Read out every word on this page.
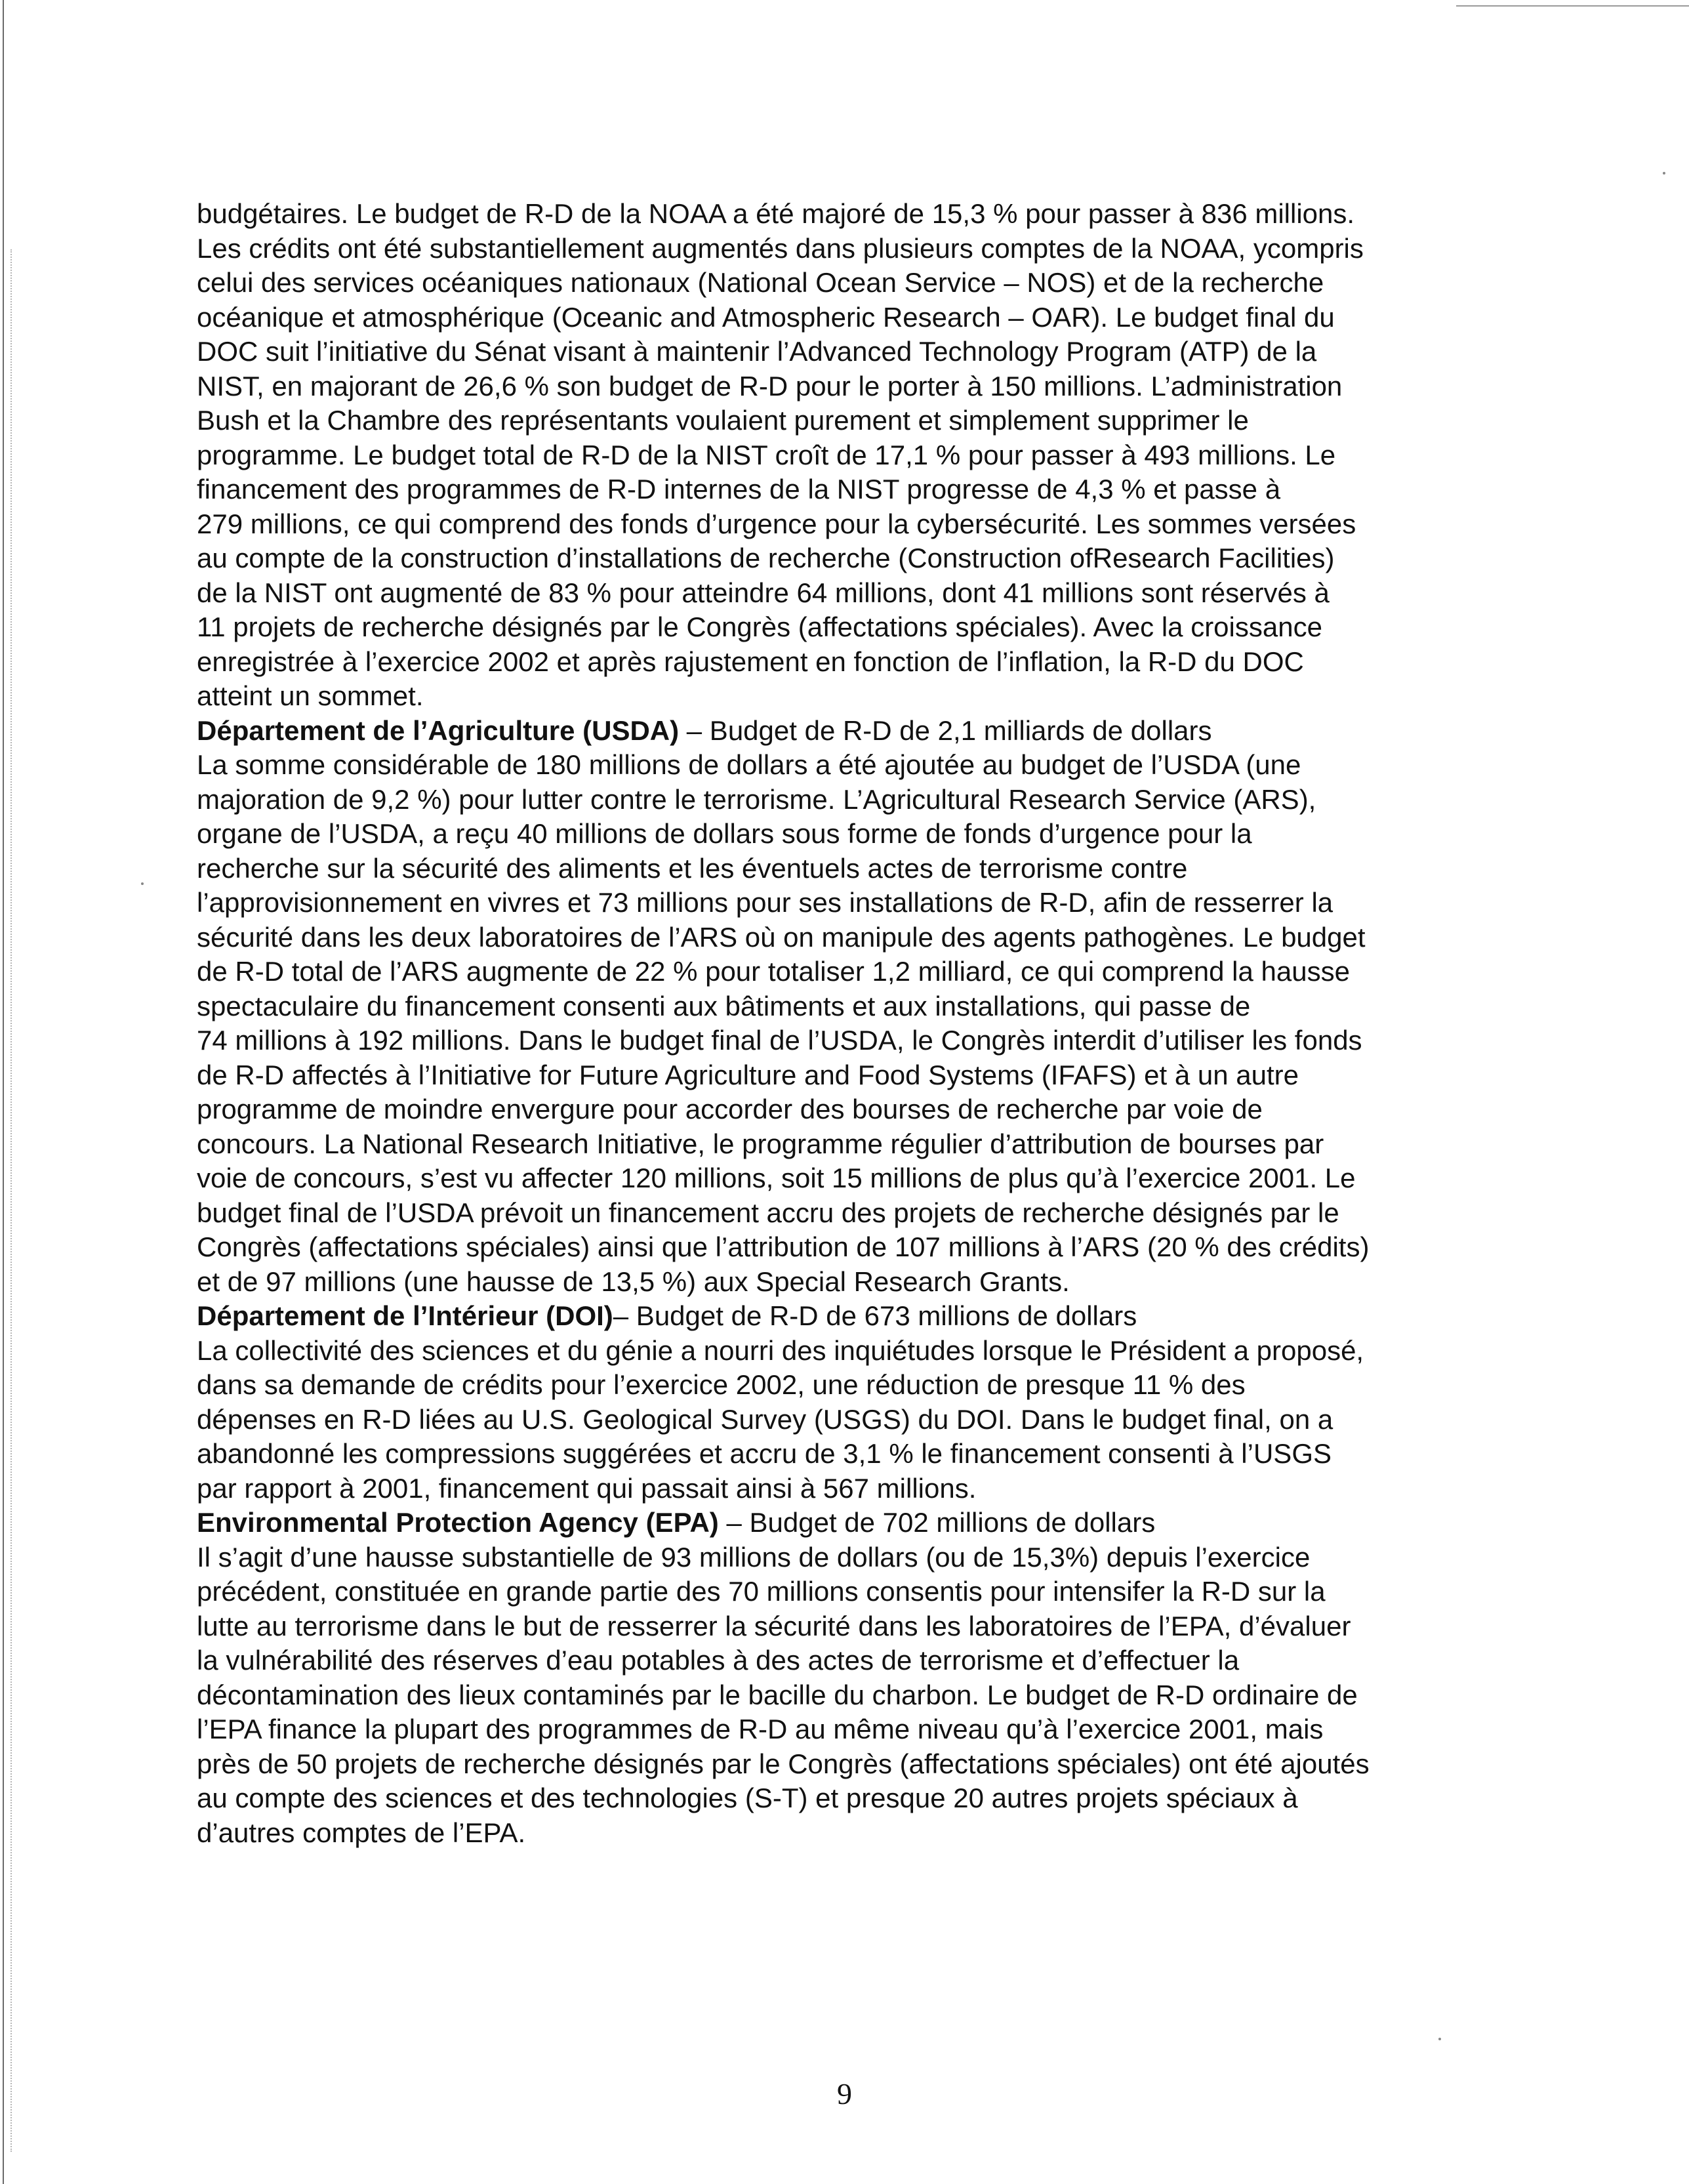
budgétaires. Le budget de R-D de la NOAA a été majoré de 15,3 % pour passer à 836 millions.
Les crédits ont été substantiellement augmentés dans plusieurs comptes de la NOAA, ycompris
celui des services océaniques nationaux (National Ocean Service – NOS) et de la recherche
océanique et atmosphérique (Oceanic and Atmospheric Research – OAR). Le budget final du
DOC suit l’initiative du Sénat visant à maintenir l’Advanced Technology Program (ATP) de la
NIST, en majorant de 26,6 % son budget de R-D pour le porter à 150 millions. L’administration
Bush et la Chambre des représentants voulaient purement et simplement supprimer le
programme. Le budget total de R-D de la NIST croît de 17,1 % pour passer à 493 millions. Le
financement des programmes de R-D internes de la NIST progresse de 4,3 % et passe à
279 millions, ce qui comprend des fonds d’urgence pour la cybersécurité. Les sommes versées
au compte de la construction d’installations de recherche (Construction ofResearch Facilities)
de la NIST ont augmenté de 83 % pour atteindre 64 millions, dont 41 millions sont réservés à
11 projets de recherche désignés par le Congrès (affectations spéciales). Avec la croissance
enregistrée à l’exercice 2002 et après rajustement en fonction de l’inflation, la R-D du DOC
atteint un sommet.

Département de l’Agriculture (USDA) – Budget de R-D de 2,1 milliards de dollars
La somme considérable de 180 millions de dollars a été ajoutée au budget de l’USDA (une
majoration de 9,2 %) pour lutter contre le terrorisme. L’Agricultural Research Service (ARS),
organe de l’USDA, a reçu 40 millions de dollars sous forme de fonds d’urgence pour la
recherche sur la sécurité des aliments et les éventuels actes de terrorisme contre
l’approvisionnement en vivres et 73 millions pour ses installations de R-D, afin de resserrer la
sécurité dans les deux laboratoires de l’ARS où on manipule des agents pathogènes. Le budget
de R-D total de l’ARS augmente de 22 % pour totaliser 1,2 milliard, ce qui comprend la hausse
spectaculaire du financement consenti aux bâtiments et aux installations, qui passe de
74 millions à 192 millions. Dans le budget final de l’USDA, le Congrès interdit d’utiliser les fonds
de R-D affectés à l’Initiative for Future Agriculture and Food Systems (IFAFS) et à un autre
programme de moindre envergure pour accorder des bourses de recherche par voie de
concours. La National Research Initiative, le programme régulier d’attribution de bourses par
voie de concours, s’est vu affecter 120 millions, soit 15 millions de plus qu’à l’exercice 2001. Le
budget final de l’USDA prévoit un financement accru des projets de recherche désignés par le
Congrès (affectations spéciales) ainsi que l’attribution de 107 millions à l’ARS (20 % des crédits)
et de 97 millions (une hausse de 13,5 %) aux Special Research Grants.

Département de l’Intérieur (DOI)– Budget de R-D de 673 millions de dollars
La collectivité des sciences et du génie a nourri des inquiétudes lorsque le Président a proposé,
dans sa demande de crédits pour l’exercice 2002, une réduction de presque 11 % des
dépenses en R-D liées au U.S. Geological Survey (USGS) du DOI. Dans le budget final, on a
abandonné les compressions suggérées et accru de 3,1 % le financement consenti à l’USGS
par rapport à 2001, financement qui passait ainsi à 567 millions.

Environmental Protection Agency (EPA) – Budget de 702 millions de dollars
Il s’agit d’une hausse substantielle de 93 millions de dollars (ou de 15,3%) depuis l’exercice
précédent, constituée en grande partie des 70 millions consentis pour intensifer la R-D sur la
lutte au terrorisme dans le but de resserrer la sécurité dans les laboratoires de l’EPA, d’évaluer
la vulnérabilité des réserves d’eau potables à des actes de terrorisme et d’effectuer la
décontamination des lieux contaminés par le bacille du charbon. Le budget de R-D ordinaire de
l’EPA finance la plupart des programmes de R-D au même niveau qu’à l’exercice 2001, mais
près de 50 projets de recherche désignés par le Congrès (affectations spéciales) ont été ajoutés
au compte des sciences et des technologies (S-T) et presque 20 autres projets spéciaux à
d’autres comptes de l’EPA.

9
